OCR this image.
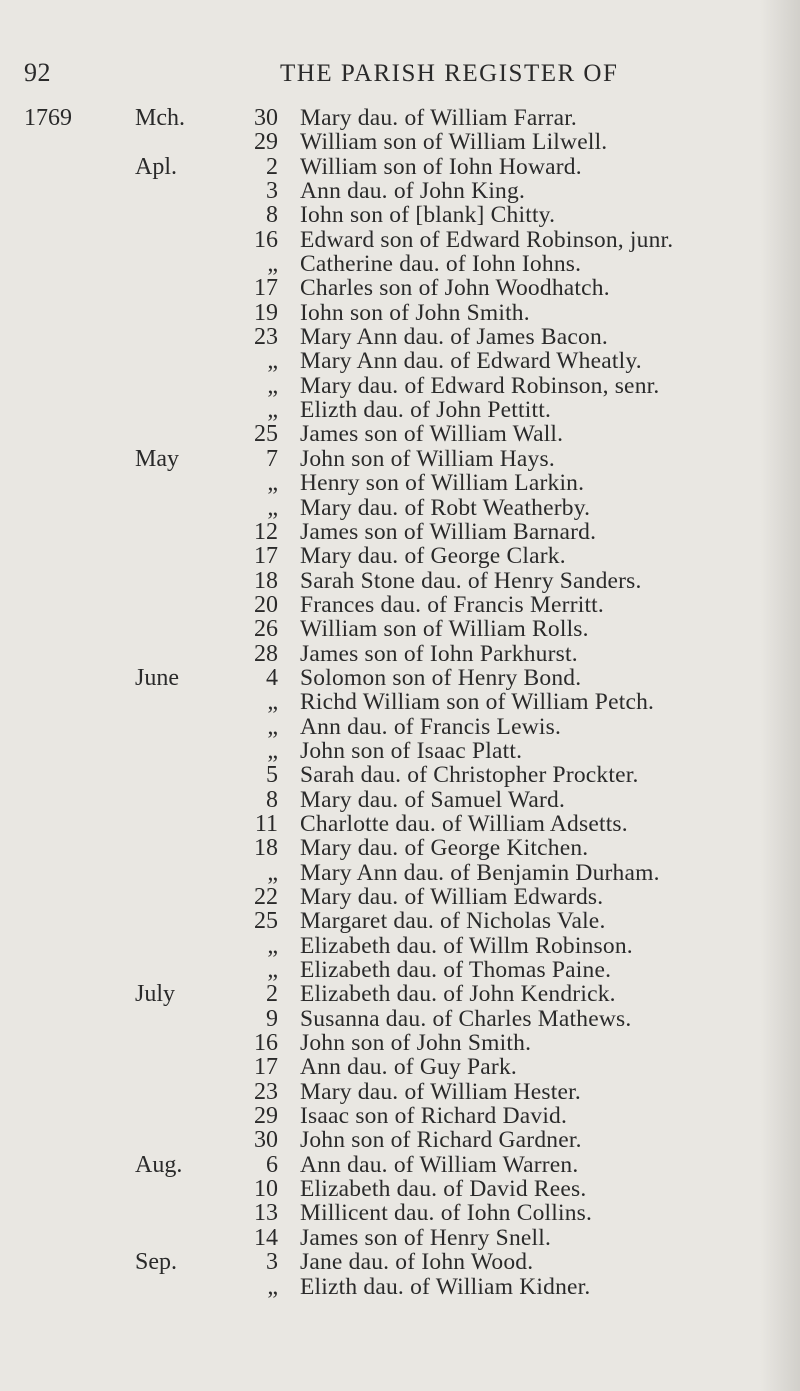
92	THE PARISH REGISTER OF
1769	Mch.	30 Mary dau. of William Farrar.
29 William son of William Lilwell.
Apl.	2 William son of Iohn Howard.
3 Ann dau. of John King.
8 Iohn son of [blank] Chitty.
16 Edward son of Edward Robinson, junr.
„ Catherine dau. of Iohn Iohns.
17 Charles son of John Woodhatch.
19 Iohn son of John Smith.
23 Mary Ann dau. of James Bacon.
„ Mary Ann dau. of Edward Wheatly.
„ Mary dau. of Edward Robinson, senr.
„ Elizth dau. of John Pettitt.
25 James son of William Wall.
May	7 John son of William Hays.
„ Henry son of William Larkin.
„ Mary dau. of Robt Weatherby.
12 James son of William Barnard.
17 Mary dau. of George Clark.
18 Sarah Stone dau. of Henry Sanders.
20 Frances dau. of Francis Merritt.
26 William son of William Rolls.
28 James son of Iohn Parkhurst.
June	4 Solomon son of Henry Bond.
„ Richd William son of William Petch.
„ Ann dau. of Francis Lewis.
„ John son of Isaac Platt.
5 Sarah dau. of Christopher Prockter.
8 Mary dau. of Samuel Ward.
11 Charlotte dau. of William Adsetts.
18 Mary dau. of George Kitchen.
„ Mary Ann dau. of Benjamin Durham.
22 Mary dau. of William Edwards.
25 Margaret dau. of Nicholas Vale.
„ Elizabeth dau. of Willm Robinson.
„ Elizabeth dau. of Thomas Paine.
July	2 Elizabeth dau. of John Kendrick.
9 Susanna dau. of Charles Mathews.
16 John son of John Smith.
17 Ann dau. of Guy Park.
23 Mary dau. of William Hester.
29 Isaac son of Richard David.
30 John son of Richard Gardner.
Aug.	6 Ann dau. of William Warren.
10 Elizabeth dau. of David Rees.
13 Millicent dau. of Iohn Collins.
14 James son of Henry Snell.
Sep.	3 Jane dau. of Iohn Wood.
„ Elizth dau. of William Kidner.
